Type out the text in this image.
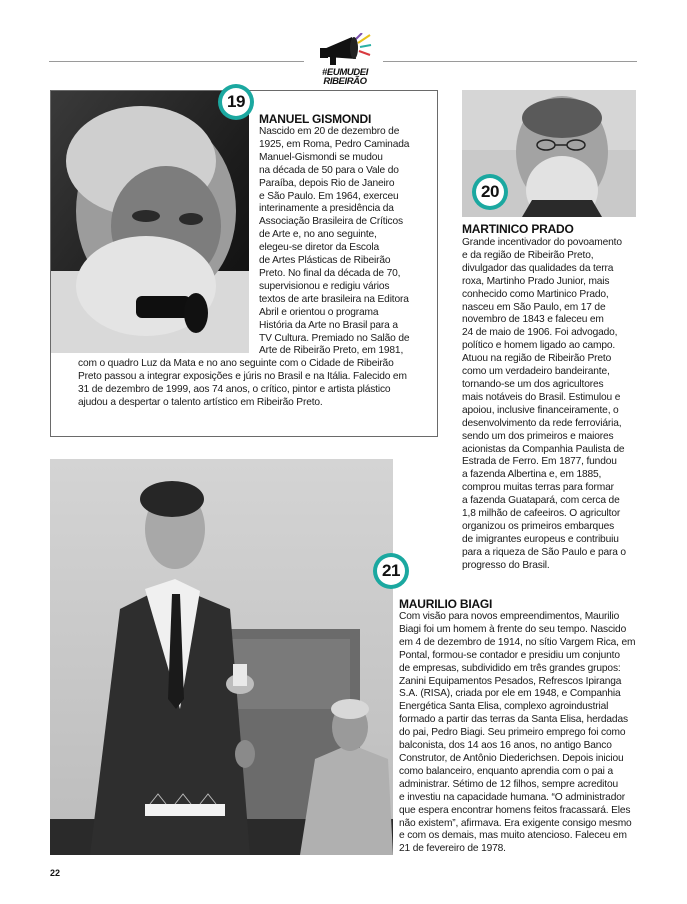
#EUMUDEI
RIBEIRÃO
19
MANUEL GISMONDI
Nascido em 20 de dezembro de
1925, em Roma, Pedro Caminada
Manuel-Gismondi se mudou
na década de 50 para o Vale do
Paraíba, depois Rio de Janeiro
e São Paulo. Em 1964, exerceu
interinamente a presidência da
Associação Brasileira de Críticos
de Arte e, no ano seguinte,
elegeu-se diretor da Escola
de Artes Plásticas de Ribeirão
Preto. No final da década de 70,
supervisionou e redigiu vários
textos de arte brasileira na Editora
Abril e orientou o programa
História da Arte no Brasil para a
TV Cultura. Premiado no Salão de
Arte de Ribeirão Preto, em 1981,
com o quadro Luz da Mata e no ano seguinte com o Cidade de Ribeirão
Preto passou a integrar exposições e júris no Brasil e na Itália. Falecido em
31 de dezembro de 1999, aos 74 anos, o crítico, pintor e artista plástico
ajudou a despertar o talento artístico em Ribeirão Preto.
20
MARTINICO PRADO
Grande incentivador do povoamento
e da região de Ribeirão Preto,
divulgador das qualidades da terra
roxa, Martinho Prado Junior, mais
conhecido como Martinico Prado,
nasceu em São Paulo, em 17 de
novembro de 1843 e faleceu em
24 de maio de 1906. Foi advogado,
político e homem ligado ao campo.
Atuou na região de Ribeirão Preto
como um verdadeiro bandeirante,
tornando-se um dos agricultores
mais notáveis do Brasil. Estimulou e
apoiou, inclusive financeiramente, o
desenvolvimento da rede ferroviária,
sendo um dos primeiros e maiores
acionistas da Companhia Paulista de
Estrada de Ferro. Em 1877, fundou
a fazenda Albertina e, em 1885,
comprou muitas terras para formar
a fazenda Guatapará, com cerca de
1,8 milhão de cafeeiros. O agricultor
organizou os primeiros embarques
de imigrantes europeus e contribuiu
para a riqueza de São Paulo e para o
progresso do Brasil.
21
MAURILIO BIAGI
Com visão para novos empreendimentos, Maurilio
Biagi foi um homem à frente do seu tempo. Nascido
em 4 de dezembro de 1914, no sítio Vargem Rica, em
Pontal, formou-se contador e presidiu um conjunto
de empresas, subdividido em três grandes grupos:
Zanini Equipamentos Pesados, Refrescos Ipiranga
S.A. (RISA), criada por ele em 1948, e Companhia
Energética Santa Elisa, complexo agroindustrial
formado a partir das terras da Santa Elisa, herdadas
do pai, Pedro Biagi. Seu primeiro emprego foi como
balconista, dos 14 aos 16 anos, no antigo Banco
Construtor, de Antônio Diederichsen. Depois iniciou
como balanceiro, enquanto aprendia com o pai a
administrar. Sétimo de 12 filhos, sempre acreditou
e investiu na capacidade humana. “O administrador
que espera encontrar homens feitos fracassará. Eles
não existem”, afirmava. Era exigente consigo mesmo
e com os demais, mas muito atencioso. Faleceu em
21 de fevereiro de 1978.
22
